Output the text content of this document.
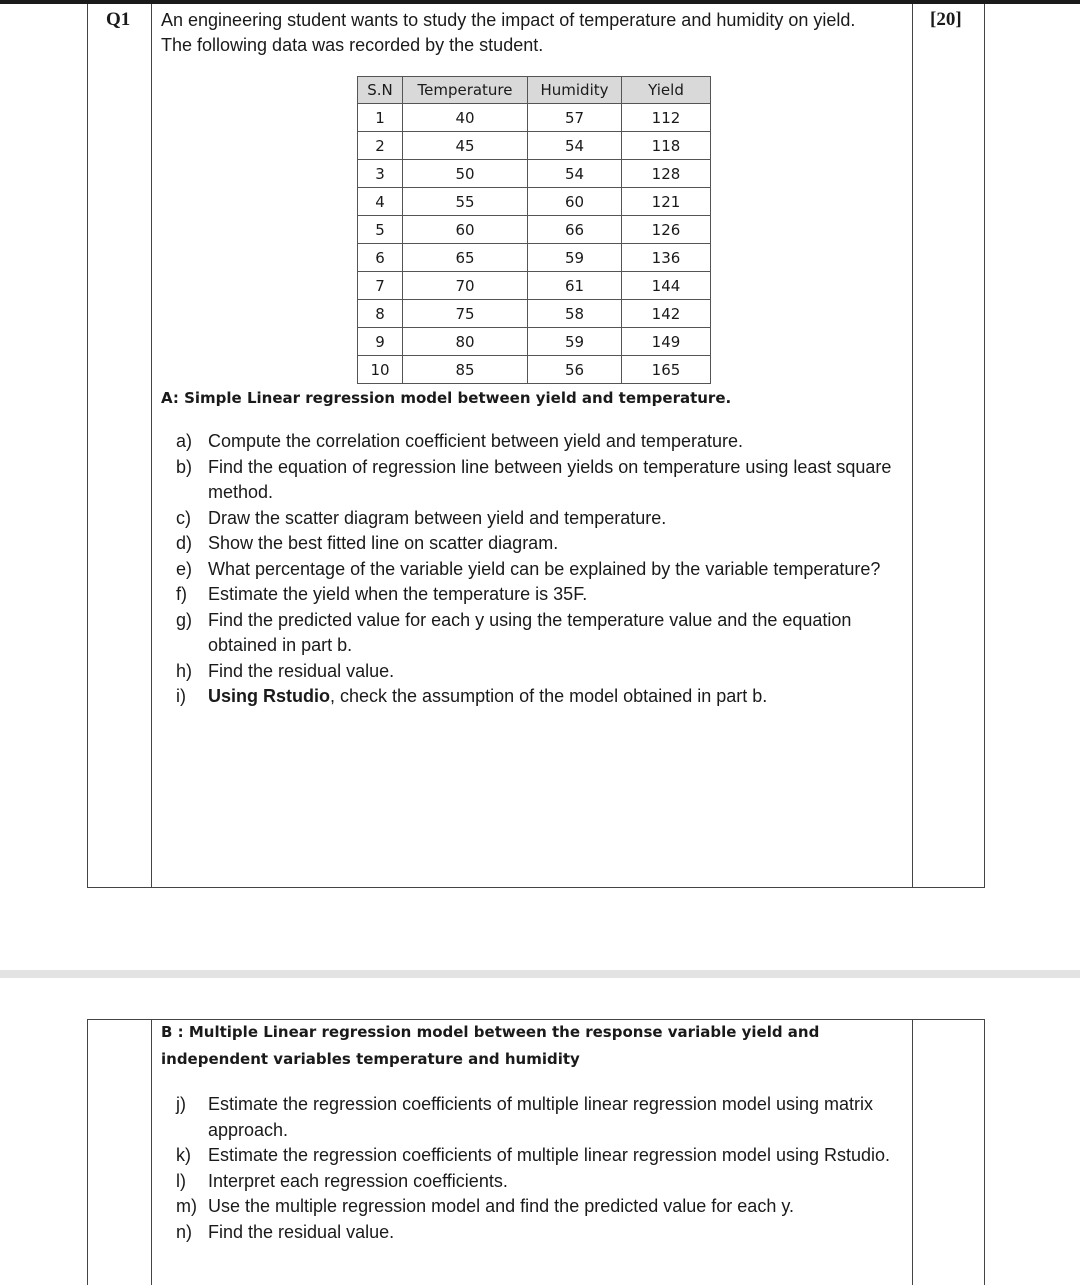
Q1	[20]
An engineering student wants to study the impact of temperature and humidity on yield.
The following data was recorded by the student.
S.N	Temperature	Humidity	Yield
1	40	57	112
2	45	54	118
3	50	54	128
4	55	60	121
5	60	66	126
6	65	59	136
7	70	61	144
8	75	58	142
9	80	59	149
10	85	56	165
A: Simple Linear regression model between yield and temperature.
a) Compute the correlation coefficient between yield and temperature.
b) Find the equation of regression line between yields on temperature using least square method.
c) Draw the scatter diagram between yield and temperature.
d) Show the best fitted line on scatter diagram.
e) What percentage of the variable yield can be explained by the variable temperature?
f) Estimate the yield when the temperature is 35F.
g) Find the predicted value for each y using the temperature value and the equation obtained in part b.
h) Find the residual value.
i) Using Rstudio, check the assumption of the model obtained in part b.
B : Multiple Linear regression model between the response variable yield and independent variables temperature and humidity
j) Estimate the regression coefficients of multiple linear regression model using matrix approach.
k) Estimate the regression coefficients of multiple linear regression model using Rstudio.
l) Interpret each regression coefficients.
m) Use the multiple regression model and find the predicted value for each y.
n) Find the residual value.
